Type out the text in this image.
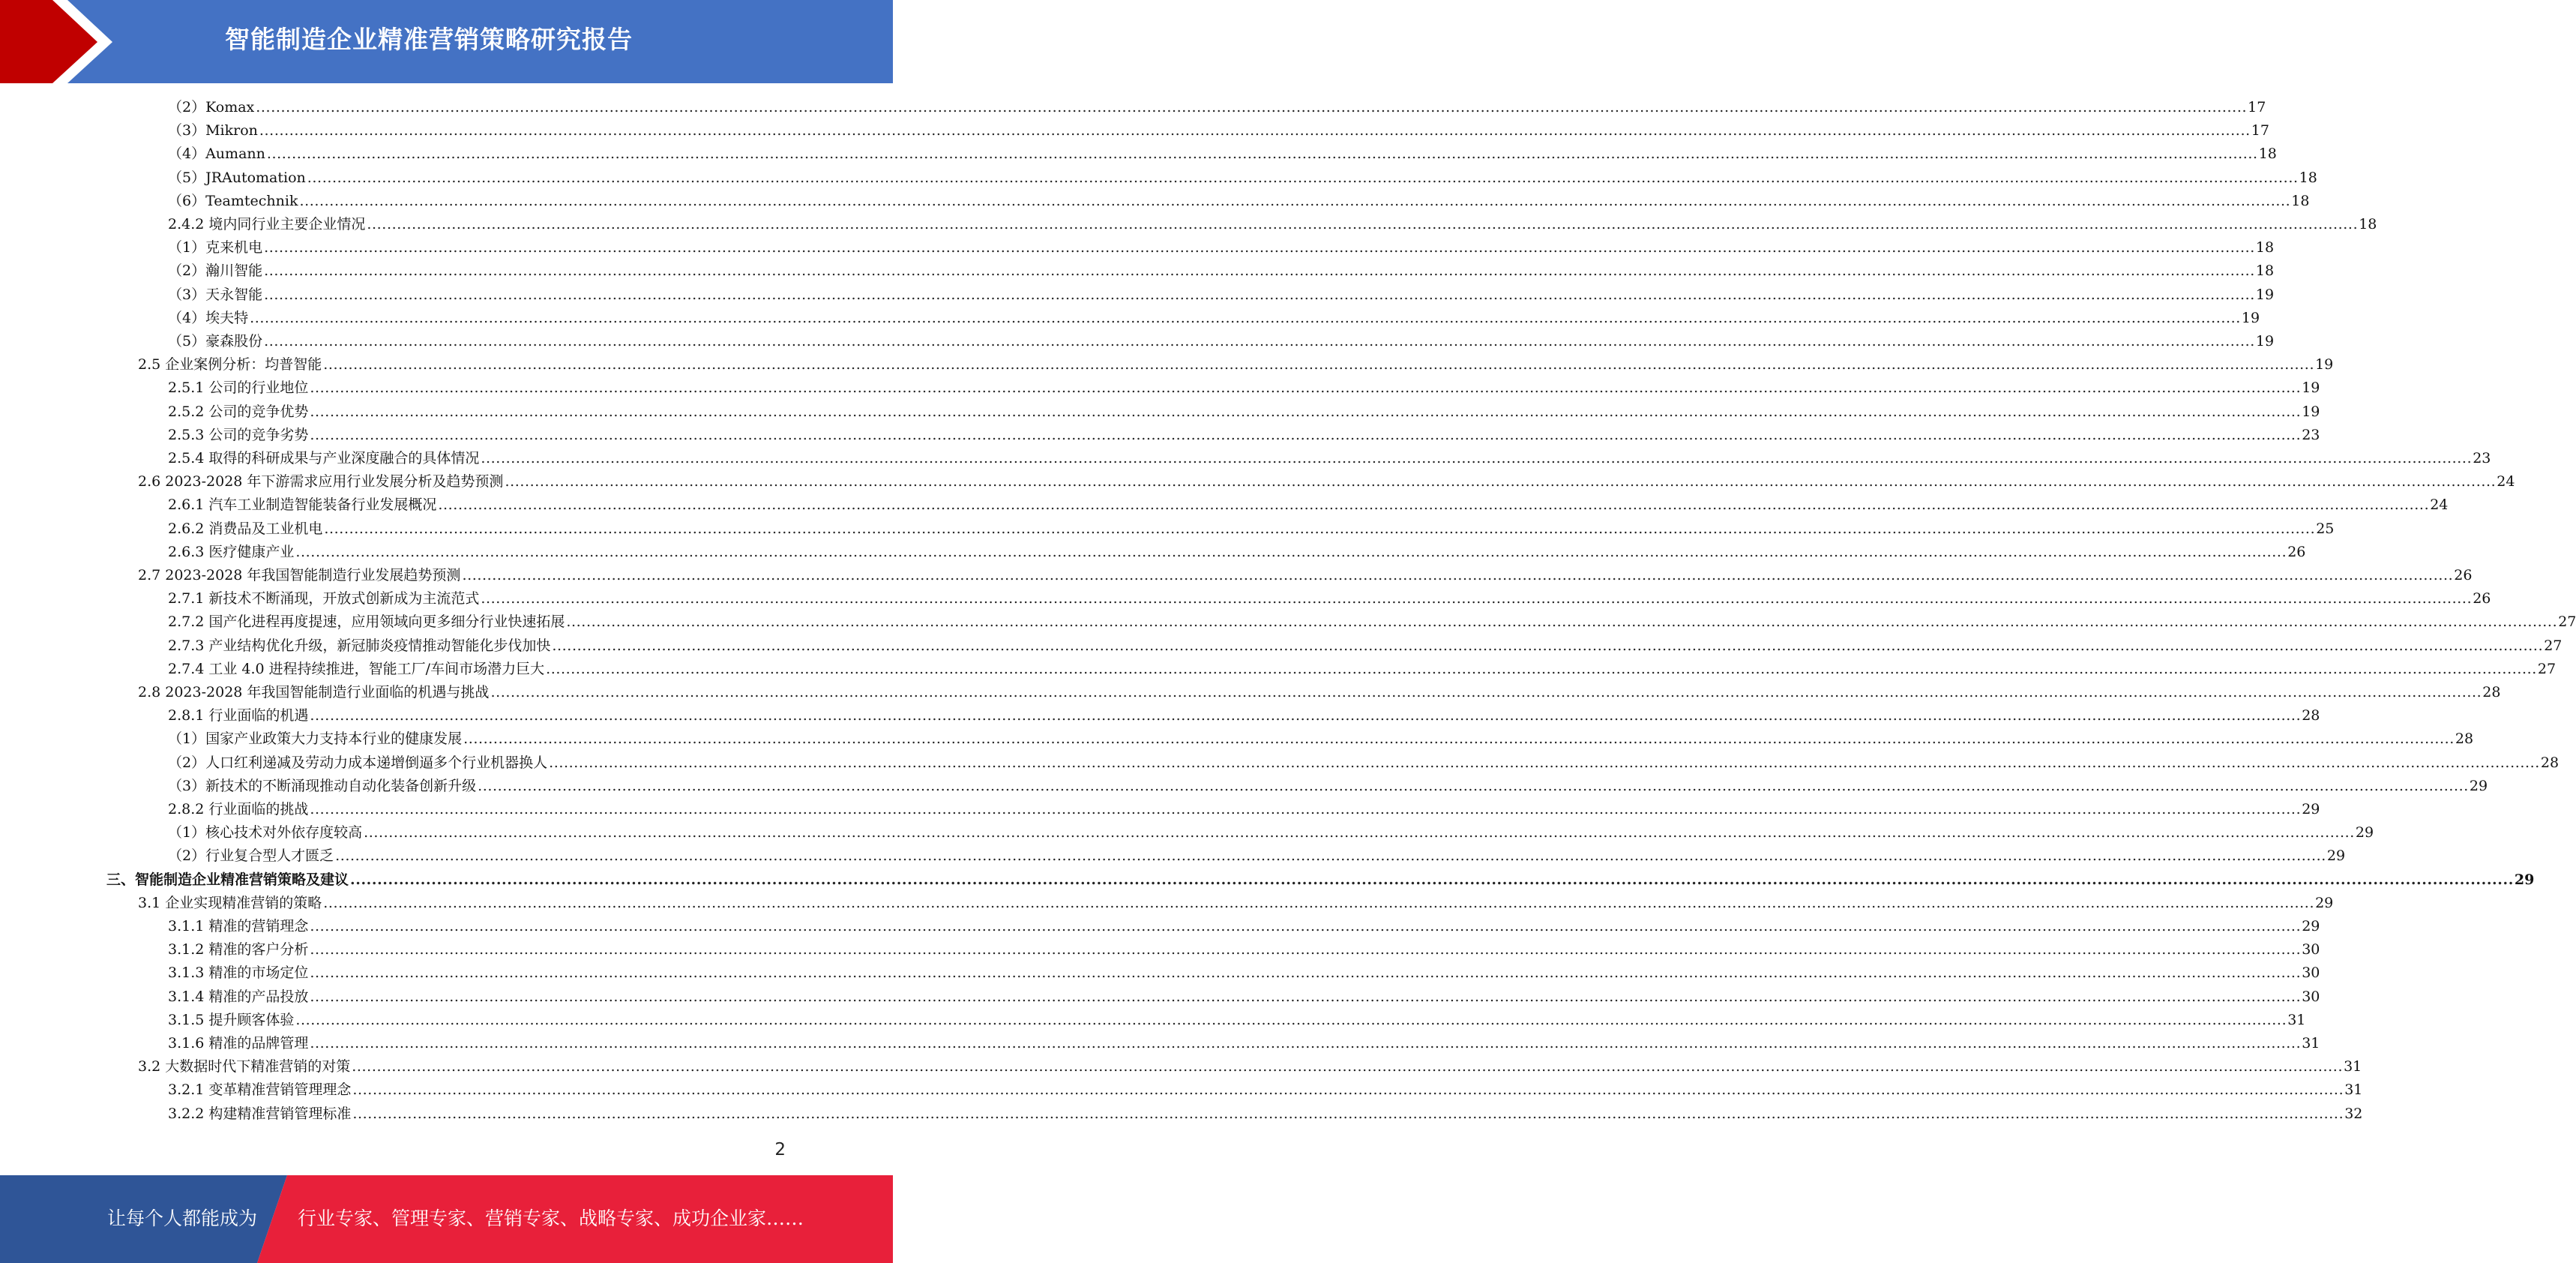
智能制造企业精准营销策略研究报告
（2）Komax ................................................................................................................................................................................................................................................................................................................................................................................................................ 17
（3）Mikron ................................................................................................................................................................................................................................................................................................................................................................................................................ 17
（4）Aumann ................................................................................................................................................................................................................................................................................................................................................................................................................ 18
（5）JRAutomation ................................................................................................................................................................................................................................................................................................................................................................................................................ 18
（6）Teamtechnik ................................................................................................................................................................................................................................................................................................................................................................................................................ 18
2.4.2 境内同行业主要企业情况 ................................................................................................................................................................................................................................................................................................................................................................................................................ 18
（1）克来机电 ................................................................................................................................................................................................................................................................................................................................................................................................................ 18
（2）瀚川智能 ................................................................................................................................................................................................................................................................................................................................................................................................................ 18
（3）天永智能 ................................................................................................................................................................................................................................................................................................................................................................................................................ 19
（4）埃夫特 ................................................................................................................................................................................................................................................................................................................................................................................................................ 19
（5）豪森股份 ................................................................................................................................................................................................................................................................................................................................................................................................................ 19
2.5 企业案例分析：均普智能 ................................................................................................................................................................................................................................................................................................................................................................................................................ 19
2.5.1 公司的行业地位 ................................................................................................................................................................................................................................................................................................................................................................................................................ 19
2.5.2 公司的竞争优势 ................................................................................................................................................................................................................................................................................................................................................................................................................ 19
2.5.3 公司的竞争劣势 ................................................................................................................................................................................................................................................................................................................................................................................................................ 23
2.5.4 取得的科研成果与产业深度融合的具体情况 ................................................................................................................................................................................................................................................................................................................................................................................................................ 23
2.6 2023-2028 年下游需求应用行业发展分析及趋势预测 ................................................................................................................................................................................................................................................................................................................................................................................................................ 24
2.6.1 汽车工业制造智能装备行业发展概况 ................................................................................................................................................................................................................................................................................................................................................................................................................ 24
2.6.2 消费品及工业机电 ................................................................................................................................................................................................................................................................................................................................................................................................................ 25
2.6.3 医疗健康产业 ................................................................................................................................................................................................................................................................................................................................................................................................................ 26
2.7 2023-2028 年我国智能制造行业发展趋势预测 ................................................................................................................................................................................................................................................................................................................................................................................................................ 26
2.7.1 新技术不断涌现，开放式创新成为主流范式 ................................................................................................................................................................................................................................................................................................................................................................................................................ 26
2.7.2 国产化进程再度提速，应用领域向更多细分行业快速拓展 ................................................................................................................................................................................................................................................................................................................................................................................................................ 27
2.7.3 产业结构优化升级，新冠肺炎疫情推动智能化步伐加快 ................................................................................................................................................................................................................................................................................................................................................................................................................ 27
2.7.4 工业 4.0 进程持续推进，智能工厂/车间市场潜力巨大 ................................................................................................................................................................................................................................................................................................................................................................................................................ 27
2.8 2023-2028 年我国智能制造行业面临的机遇与挑战 ................................................................................................................................................................................................................................................................................................................................................................................................................ 28
2.8.1 行业面临的机遇 ................................................................................................................................................................................................................................................................................................................................................................................................................ 28
（1）国家产业政策大力支持本行业的健康发展 ................................................................................................................................................................................................................................................................................................................................................................................................................ 28
（2）人口红利递减及劳动力成本递增倒逼多个行业机器换人 ................................................................................................................................................................................................................................................................................................................................................................................................................ 28
（3）新技术的不断涌现推动自动化装备创新升级 ................................................................................................................................................................................................................................................................................................................................................................................................................ 29
2.8.2 行业面临的挑战 ................................................................................................................................................................................................................................................................................................................................................................................................................ 29
（1）核心技术对外依存度较高 ................................................................................................................................................................................................................................................................................................................................................................................................................ 29
（2）行业复合型人才匮乏 ................................................................................................................................................................................................................................................................................................................................................................................................................ 29
三、智能制造企业精准营销策略及建议 ................................................................................................................................................................................................................................................................................................................................................................................................................ 29
3.1 企业实现精准营销的策略 ................................................................................................................................................................................................................................................................................................................................................................................................................ 29
3.1.1 精准的营销理念 ................................................................................................................................................................................................................................................................................................................................................................................................................ 29
3.1.2 精准的客户分析 ................................................................................................................................................................................................................................................................................................................................................................................................................ 30
3.1.3 精准的市场定位 ................................................................................................................................................................................................................................................................................................................................................................................................................ 30
3.1.4 精准的产品投放 ................................................................................................................................................................................................................................................................................................................................................................................................................ 30
3.1.5 提升顾客体验 ................................................................................................................................................................................................................................................................................................................................................................................................................ 31
3.1.6 精准的品牌管理 ................................................................................................................................................................................................................................................................................................................................................................................................................ 31
3.2 大数据时代下精准营销的对策 ................................................................................................................................................................................................................................................................................................................................................................................................................ 31
3.2.1 变革精准营销管理理念 ................................................................................................................................................................................................................................................................................................................................................................................................................ 31
3.2.2 构建精准营销管理标准 ................................................................................................................................................................................................................................................................................................................................................................................................................ 32
2
让每个人都能成为 行业专家、管理专家、营销专家、战略专家、成功企业家……
